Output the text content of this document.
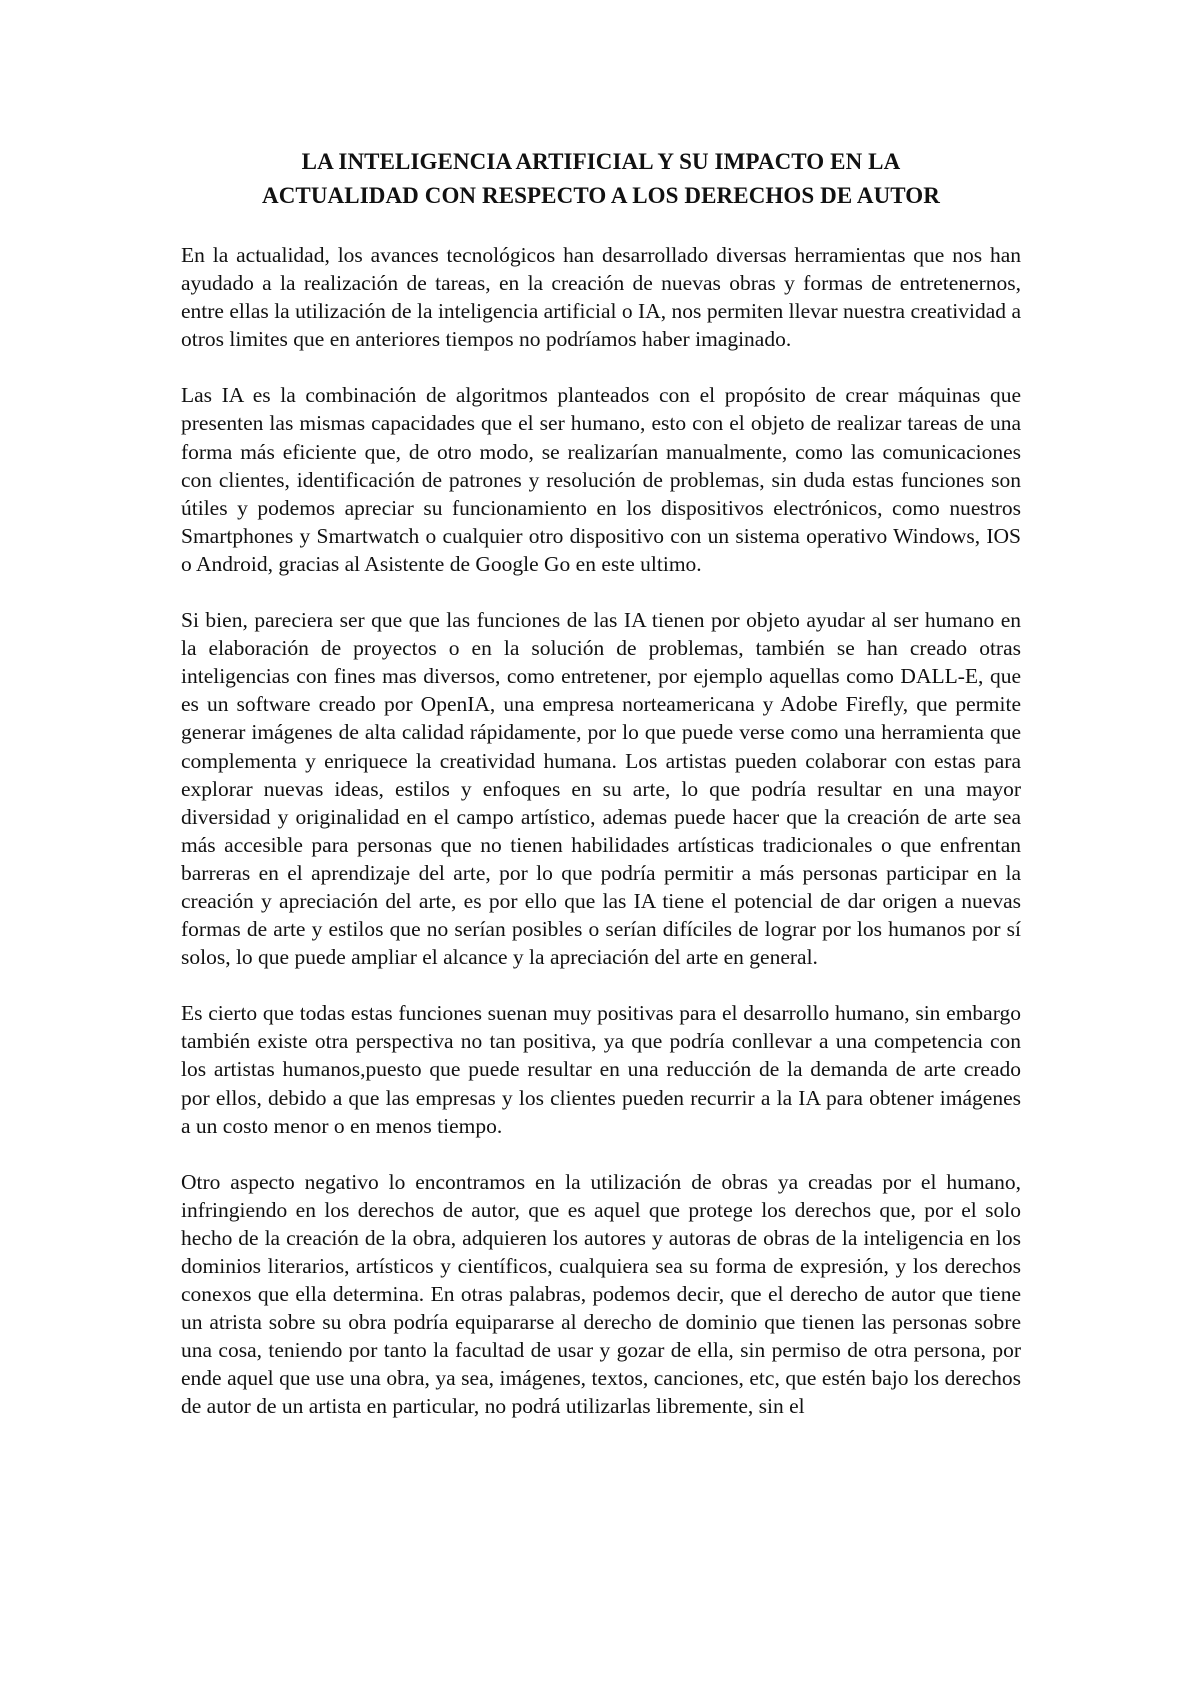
LA INTELIGENCIA ARTIFICIAL Y SU IMPACTO EN LA
ACTUALIDAD CON RESPECTO A LOS DERECHOS DE AUTOR

En la actualidad, los avances tecnológicos han desarrollado diversas herramientas que nos han ayudado a la realización de tareas, en la creación de nuevas obras y formas de entretenernos, entre ellas la utilización de la inteligencia artificial o IA, nos permiten llevar nuestra creatividad a otros limites que en anteriores tiempos no podríamos haber imaginado.

Las IA es la combinación de algoritmos planteados con el propósito de crear máquinas que presenten las mismas capacidades que el ser humano, esto con el objeto de realizar tareas de una forma más eficiente que, de otro modo, se realizarían manualmente, como las comunicaciones con clientes, identificación de patrones y resolución de problemas, sin duda estas funciones son útiles y podemos apreciar su funcionamiento en los dispositivos electrónicos, como nuestros Smartphones y Smartwatch o cualquier otro dispositivo con un sistema operativo Windows, IOS o Android, gracias al Asistente de Google Go en este ultimo.

Si bien, pareciera ser que que las funciones de las IA tienen por objeto ayudar al ser humano en la elaboración de proyectos o en la solución de problemas, también se han creado otras inteligencias con fines mas diversos, como entretener, por ejemplo aquellas como DALL-E, que es un software creado por OpenIA, una empresa norteamericana y Adobe Firefly, que permite generar imágenes de alta calidad rápidamente, por lo que puede verse como una herramienta que complementa y enriquece la creatividad humana. Los artistas pueden colaborar con estas para explorar nuevas ideas, estilos y enfoques en su arte, lo que podría resultar en una mayor diversidad y originalidad en el campo artístico, ademas puede hacer que la creación de arte sea más accesible para personas que no tienen habilidades artísticas tradicionales o que enfrentan barreras en el aprendizaje del arte, por lo que podría permitir a más personas participar en la creación y apreciación del arte, es por ello que las IA tiene el potencial de dar origen a nuevas formas de arte y estilos que no serían posibles o serían difíciles de lograr por los humanos por sí solos, lo que puede ampliar el alcance y la apreciación del arte en general.

Es cierto que todas estas funciones suenan muy positivas para el desarrollo humano, sin embargo también existe otra perspectiva no tan positiva, ya que podría conllevar a una competencia con los artistas humanos,puesto que puede resultar en una reducción de la demanda de arte creado por ellos, debido a que las empresas y los clientes pueden recurrir a la IA para obtener imágenes a un costo menor o en menos tiempo.

Otro aspecto negativo lo encontramos en la utilización de obras ya creadas por el humano, infringiendo en los derechos de autor, que es aquel que protege los derechos que, por el solo hecho de la creación de la obra, adquieren los autores y autoras de obras de la inteligencia en los dominios literarios, artísticos y científicos, cualquiera sea su forma de expresión, y los derechos conexos que ella determina. En otras palabras, podemos decir, que el derecho de autor que tiene un atrista sobre su obra podría equipararse al derecho de dominio que tienen las personas sobre una cosa, teniendo por tanto la facultad de usar y gozar de ella, sin permiso de otra persona, por ende aquel que use una obra, ya sea, imágenes, textos, canciones, etc, que estén bajo los derechos de autor de un artista en particular, no podrá utilizarlas libremente, sin el
